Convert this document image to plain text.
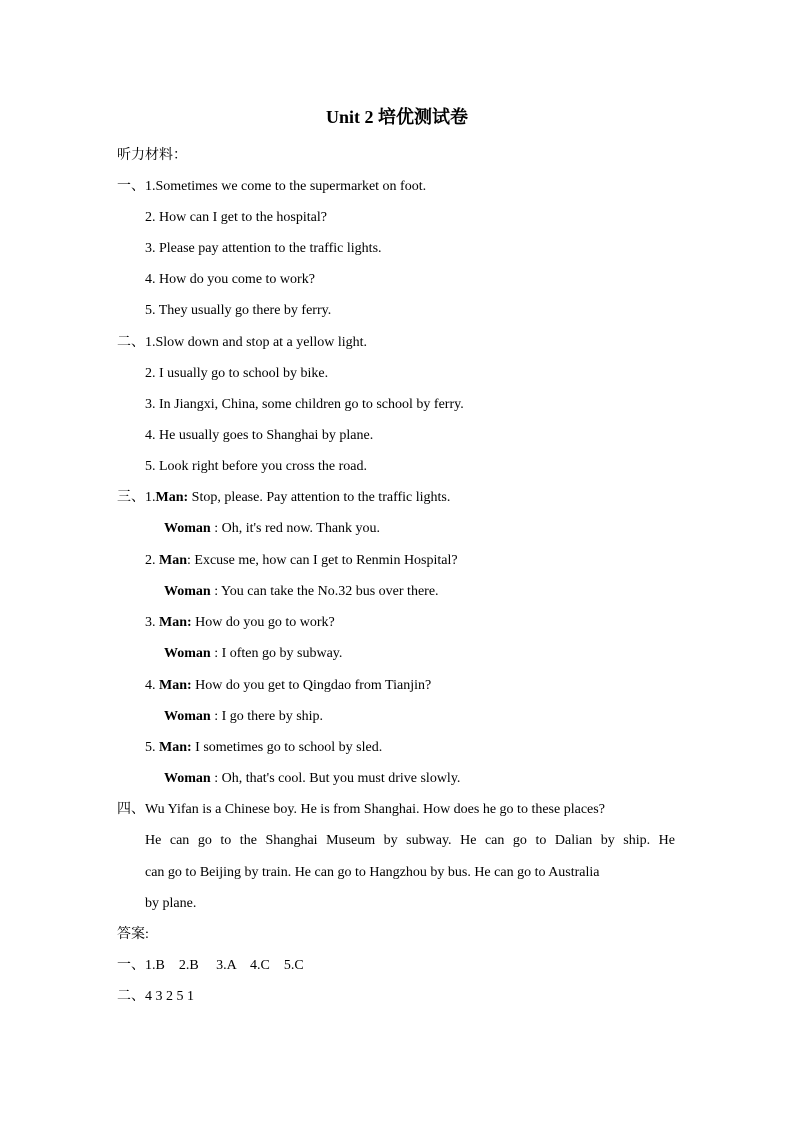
Unit 2 培优测试卷
听力材料：
一、1.Sometimes we come to the supermarket on foot.
2. How can I get to the hospital?
3. Please pay attention to the traffic lights.
4. How do you come to work?
5. They usually go there by ferry.
二、1.Slow down and stop at a yellow light.
2. I usually go to school by bike.
3. In Jiangxi, China, some children go to school by ferry.
4. He usually goes to Shanghai by plane.
5. Look right before you cross the road.
三、1.Man: Stop, please. Pay attention to the traffic lights.
Woman : Oh, it's red now. Thank you.
2. Man: Excuse me, how can I get to Renmin Hospital?
Woman : You can take the No.32 bus over there.
3. Man: How do you go to work?
Woman : I often go by subway.
4. Man: How do you get to Qingdao from Tianjin?
Woman : I go there by ship.
5. Man: I sometimes go to school by sled.
Woman : Oh, that's cool. But you must drive slowly.
四、Wu Yifan is a Chinese boy. He is from Shanghai. How does he go to these places?
He can go to the Shanghai Museum by subway. He can go to Dalian by ship. He
can go to Beijing by train. He can go to Hangzhou by bus. He can go to Australia
by plane.
答案:
一、1.B    2.B     3.A    4.C    5.C
二、4 3 2 5 1
